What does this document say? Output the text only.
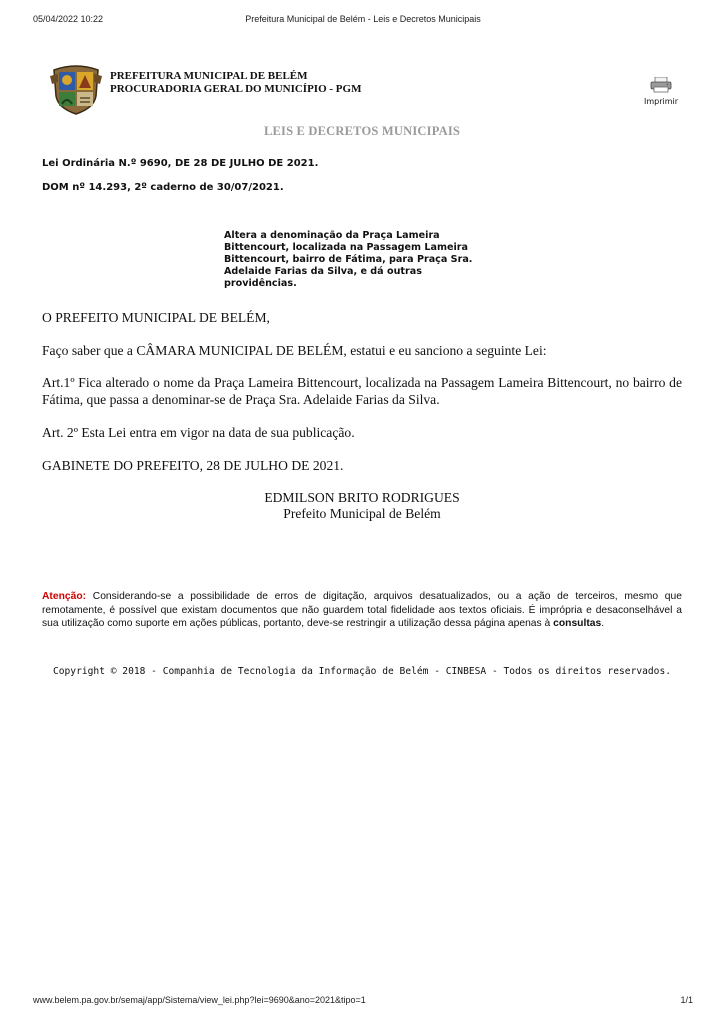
05/04/2022 10:22	Prefeitura Municipal de Belém - Leis e Decretos Municipais
PREFEITURA MUNICIPAL DE BELÉM
PROCURADORIA GERAL DO MUNICÍPIO - PGM
Imprimir
LEIS E DECRETOS MUNICIPAIS
Lei Ordinária N.º 9690, DE 28 DE JULHO DE 2021.
DOM nº 14.293, 2º caderno de 30/07/2021.
Altera a denominação da Praça Lameira
Bittencourt, localizada na Passagem Lameira
Bittencourt, bairro de Fátima, para Praça Sra.
Adelaide Farias da Silva, e dá outras
providências.
O PREFEITO MUNICIPAL DE BELÉM,
Faço saber que a CÂMARA MUNICIPAL DE BELÉM, estatui e eu sanciono a seguinte Lei:
Art.1º Fica alterado o nome da Praça Lameira Bittencourt, localizada na Passagem Lameira Bittencourt, no bairro de Fátima, que passa a denominar-se de Praça Sra. Adelaide Farias da Silva.
Art. 2º Esta Lei entra em vigor na data de sua publicação.
GABINETE DO PREFEITO, 28 DE JULHO DE 2021.
EDMILSON BRITO RODRIGUES
Prefeito Municipal de Belém
Atenção: Considerando-se a possibilidade de erros de digitação, arquivos desatualizados, ou a ação de terceiros, mesmo que remotamente, é possível que existam documentos que não guardem total fidelidade aos textos oficiais. É imprópria e desaconselhável a sua utilização como suporte em ações públicas, portanto, deve-se restringir a utilização dessa página apenas à consultas.
Copyright © 2018 - Companhia de Tecnologia da Informação de Belém - CINBESA - Todos os direitos reservados.
www.belem.pa.gov.br/semaj/app/Sistema/view_lei.php?lei=9690&ano=2021&tipo=1	1/1
